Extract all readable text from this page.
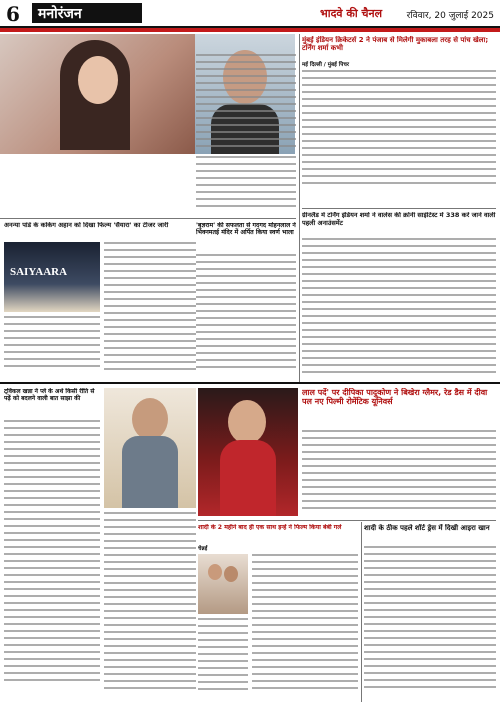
6	मनोरंजन	भादवे की चैनल	रविवार, 20 जुलाई 2025
मुंबई इंडियन क्रिकेटर्स 2 ने पंजाब से मिलेगी मुकाबला तरह से पांच खेला; टर्निंग शर्मा कभी
मई दिल्ली / मुंबई पिचर
ग्रीनलैंड में टर्निंग इंडियन शर्मा ने वालेस की क्रोनी साइंटिस्ट में 338 करें जाने वाली पहली अनाउंसमेंट
अनन्या पांडे के ककिंग अहान को दिखा फिल्म 'सैयारा' का टीजर जारी
SAIYAARA
'बृज्ञराम' की सफलता से गदगद मोहनलाल ने भिक्नमतई मंदिर में अर्पित किया स्वर्ण भाला
ट्विंकल खन्ना ने प्ले के अर्थ किसी रीति से पढ़ें को बदलने वाली बात साझा की
लाल पर्दे' पर दीपिका पादुकोण ने बिखेरा ग्लैमर, रेड डैस में दीवा पल नए पिल्मी रोमेंटिक यूनिवर्स
शादी के 2 महीने बाद ही एक साथ इन्हें ने फिल्म किया बेबी गर्ल
चेन्नई
शादी के ठीक पहले शॉर्ट ड्रेस में दिखी आइरा खान
